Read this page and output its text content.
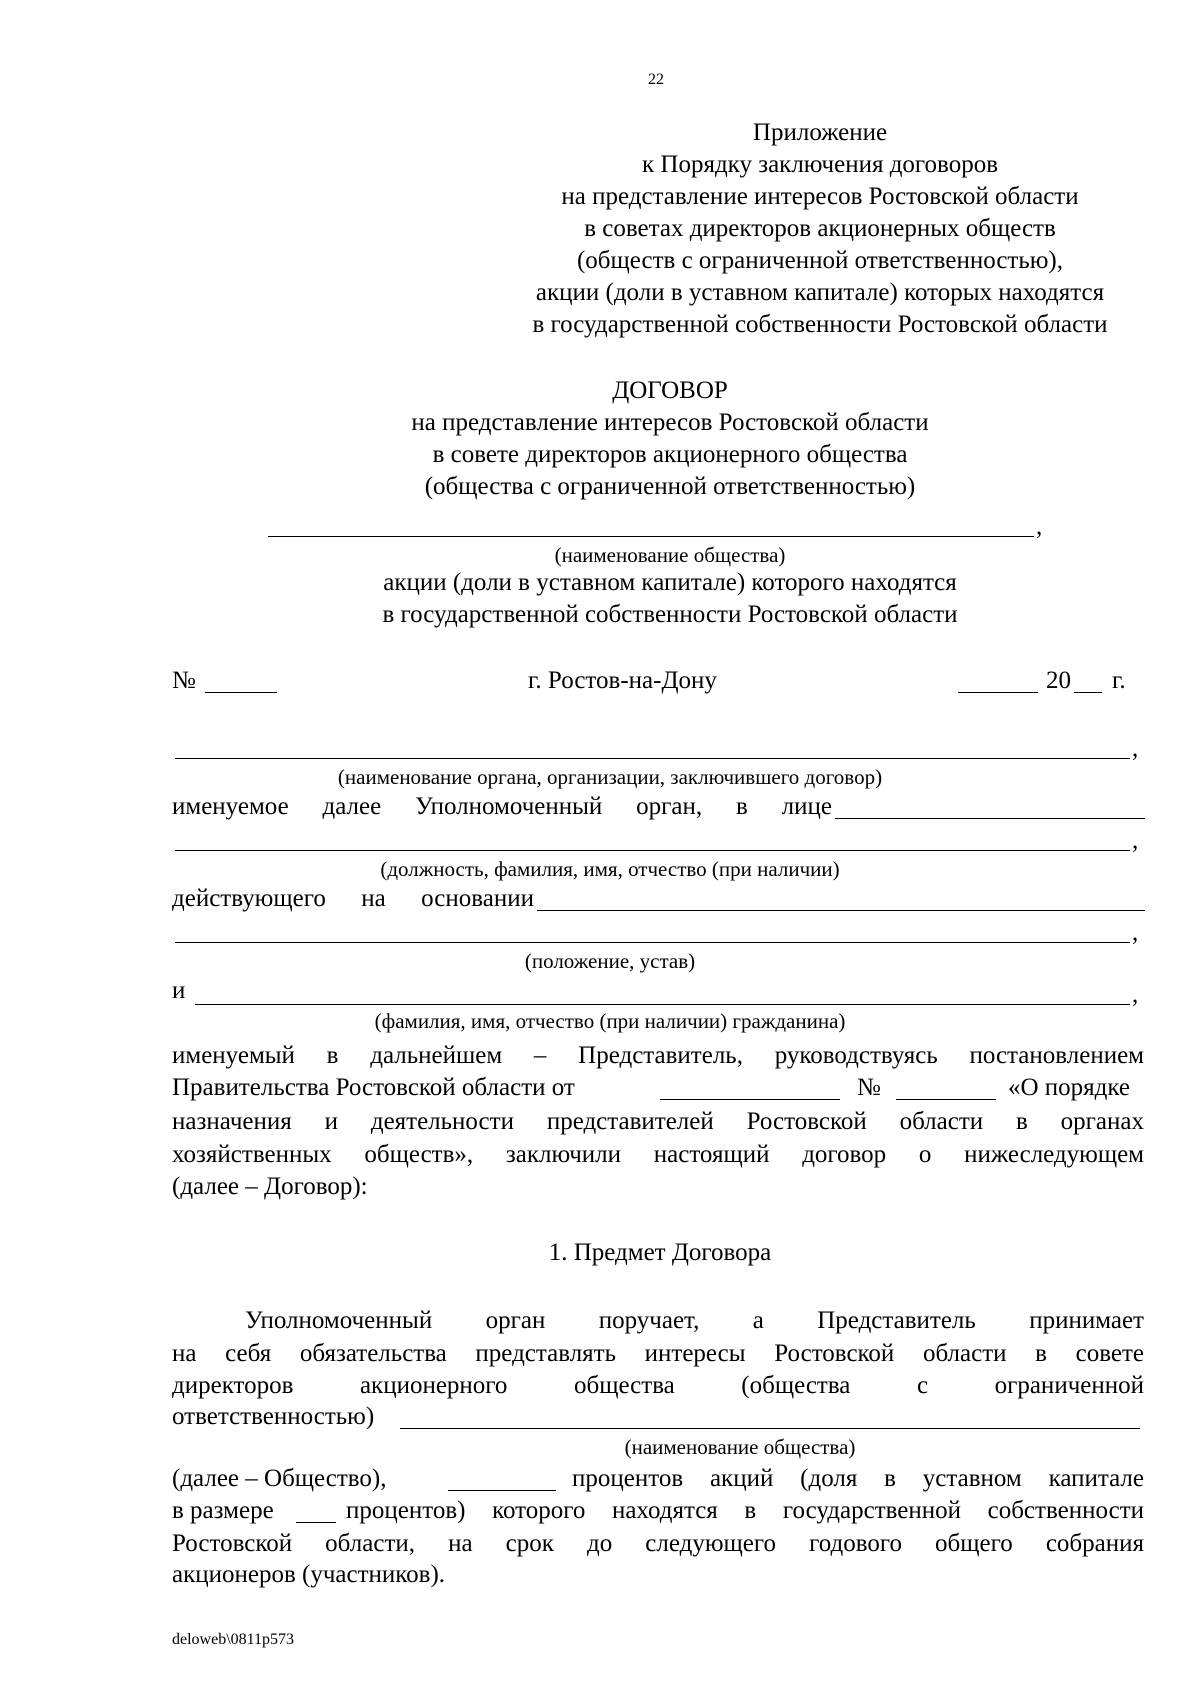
22
Приложение
к Порядку заключения договоров
на представление интересов Ростовской области
в советах директоров акционерных обществ
(обществ с ограниченной ответственностью),
акции (доли в уставном капитале) которых находятся
в государственной собственности Ростовской области
ДОГОВОР
на представление интересов Ростовской области
в совете директоров акционерного общества
(общества с ограниченной ответственностью)
,
(наименование общества)
акции (доли в уставном капитале) которого находятся
в государственной собственности Ростовской области
№	г. Ростов-на-Дону	20 г.
,
(наименование органа, организации, заключившего договор)
именуемое далее Уполномоченный орган, в лице
,
(должность, фамилия, имя, отчество (при наличии)
действующего на основании
,
(положение, устав)
и	,
(фамилия, имя, отчество (при наличии) гражданина)
именуемый в дальнейшем – Представитель, руководствуясь постановлением
Правительства Ростовской области от	№	«О порядке
назначения и деятельности представителей Ростовской области в органах
хозяйственных обществ», заключили настоящий договор о нижеследующем
(далее – Договор):
1. Предмет Договора
Уполномоченный орган поручает, а Представитель принимает
на себя обязательства представлять интересы Ростовской области в совете
директоров акционерного общества (общества с ограниченной
ответственностью)
(наименование общества)
(далее – Общество),	процентов акций (доля в уставном капитале
в размере	процентов) которого находятся в государственной собственности
Ростовской области, на срок до следующего годового общего собрания
акционеров (участников).
deloweb\0811p573
